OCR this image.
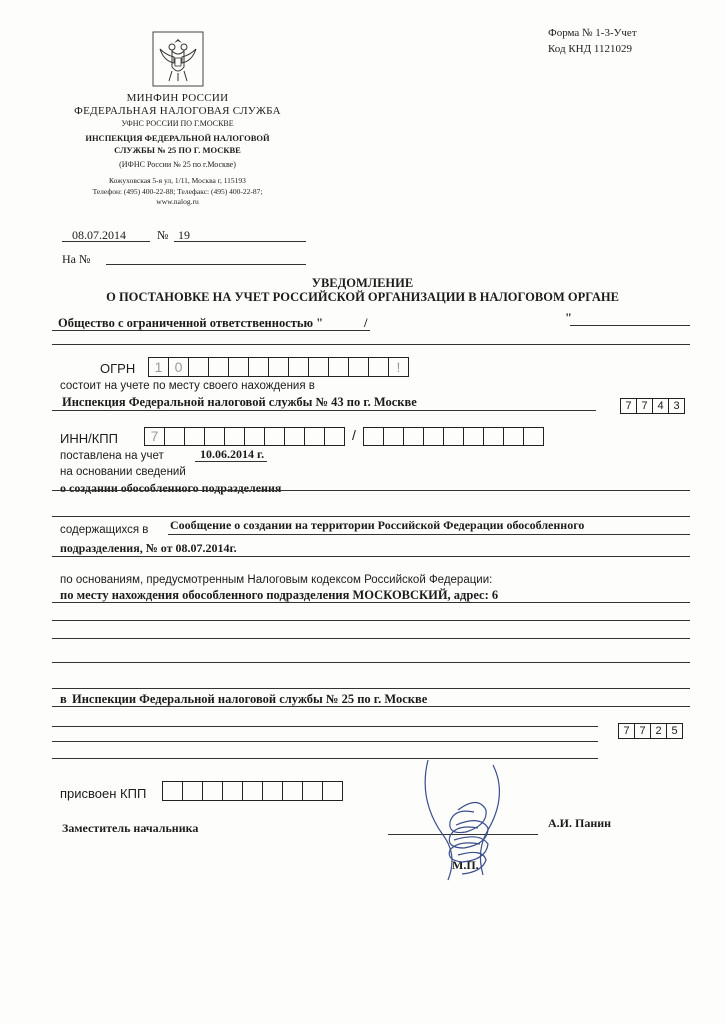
Форма № 1-3-Учет
Код КНД 1121029
МИНФИН РОССИИ
ФЕДЕРАЛЬНАЯ НАЛОГОВАЯ СЛУЖБА
УФНС РОССИИ ПО Г.МОСКВЕ
ИНСПЕКЦИЯ ФЕДЕРАЛЬНОЙ НАЛОГОВОЙ
СЛУЖБЫ № 25 ПО Г. МОСКВЕ
(ИФНС России № 25 по г.Москве)
Кожуховская 5-я ул, 1/11, Москва г, 115193
Телефон: (495) 400-22-88; Телефакс: (495) 400-22-87;
www.nalog.ru
08.07.2014	№ 19
На №
УВЕДОМЛЕНИЕ
О ПОСТАНОВКЕ НА УЧЕТ РОССИЙСКОЙ ОРГАНИЗАЦИИ В НАЛОГОВОМ ОРГАНЕ
Общество с ограниченной ответственностью "	/	"
ОГРН	1 0	!
состоит на учете по месту своего нахождения в
Инспекция Федеральной налоговой службы № 43 по г. Москве	7 7 4 3
ИНН/КПП	7	/
поставлена на учет	10.06.2014 г.
на основании сведений
о создании обособленного подразделения
содержащихся в Сообщение о создании на территории Российской Федерации обособленного
подразделения, № от 08.07.2014г.
по основаниям, предусмотренным Налоговым кодексом Российской Федерации:
по месту нахождения обособленного подразделения МОСКОВСКИЙ, адрес: 6
в Инспекции Федеральной налоговой службы № 25 по г. Москве
7 7 2 5
присвоен КПП
Заместитель начальника	А.И. Панин
М.П.
